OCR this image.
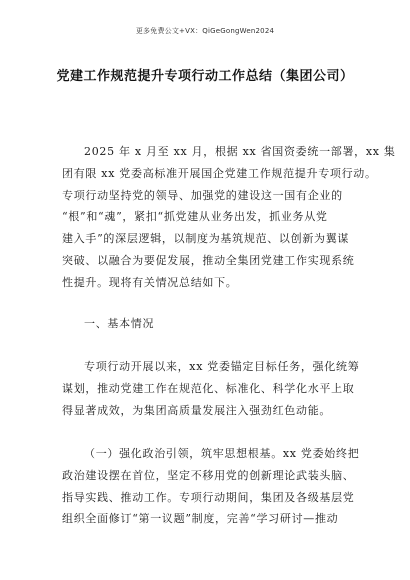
更多免费公文+VX：QiGeGongWen2024
党建工作规范提升专项行动工作总结（集团公司）
2025 年 x 月至 xx 月，根据 xx 省国资委统一部署，xx 集
团有限 xx 党委高标准开展国企党建工作规范提升专项行动。
专项行动坚持党的领导、加强党的建设这一国有企业的
“根”和“魂”，紧扣“抓党建从业务出发，抓业务从党
建入手”的深层逻辑，以制度为基筑规范、以创新为翼谋
突破、以融合为要促发展，推动全集团党建工作实现系统
性提升。现将有关情况总结如下。
一、基本情况
专项行动开展以来，xx 党委锚定目标任务，强化统筹
谋划，推动党建工作在规范化、标准化、科学化水平上取
得显著成效，为集团高质量发展注入强劲红色动能。
（一）强化政治引领，筑牢思想根基。xx 党委始终把
政治建设摆在首位，坚定不移用党的创新理论武装头脑、
指导实践、推动工作。专项行动期间，集团及各级基层党
组织全面修订“第一议题”制度，完善“学习研讨—推动
